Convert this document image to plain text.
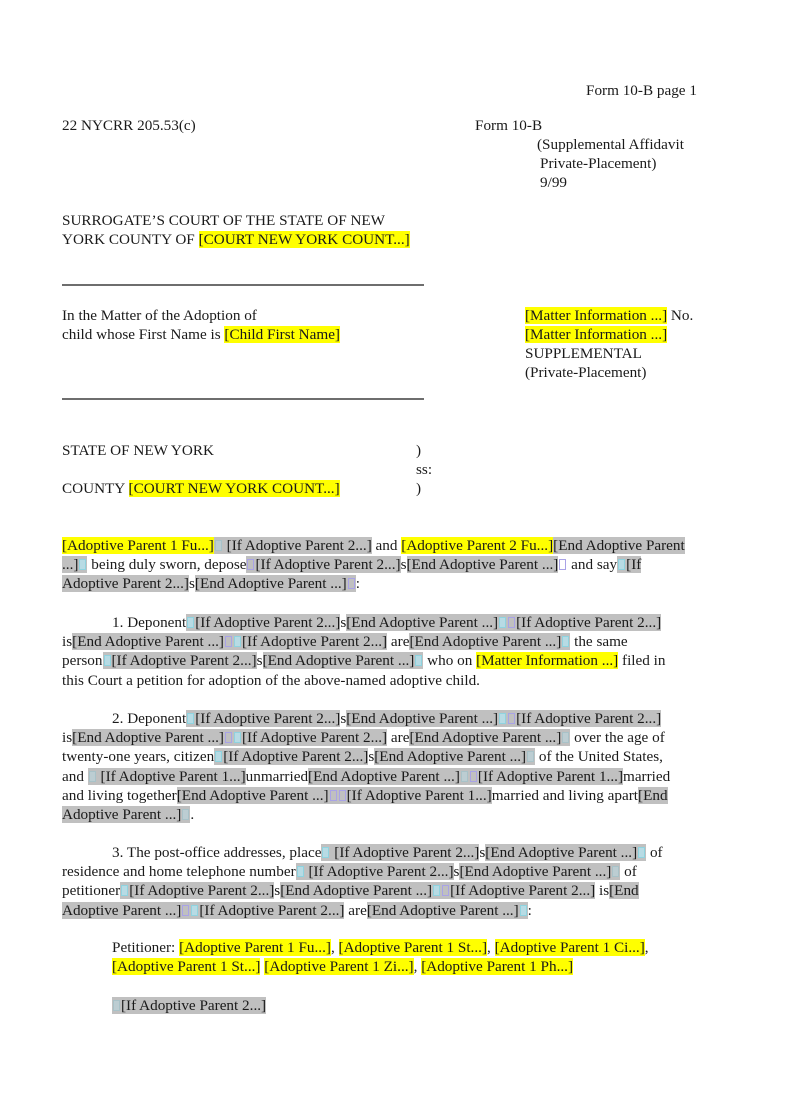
Form 10-B page 1
22 NYCRR 205.53(c)	Form 10-B
(Supplemental Affidavit
Private-Placement)
9/99
SURROGATE’S COURT OF THE STATE OF NEW
YORK COUNTY OF [COURT NEW YORK COUNT...]
In the Matter of the Adoption of
child whose First Name is [Child First Name]
[Matter Information ...] No.
[Matter Information ...]
SUPPLEMENTAL
(Private-Placement)
STATE OF NEW YORK	)
ss:
COUNTY [COURT NEW YORK COUNT...]	)
[Adoptive Parent 1 Fu...] [If Adoptive Parent 2...] and [Adoptive Parent 2 Fu...][End Adoptive Parent
...] being duly sworn, depose [If Adoptive Parent 2...]s[End Adoptive Parent ...] and say [If
Adoptive Parent 2...]s[End Adoptive Parent ...] :
1. Deponent [If Adoptive Parent 2...]s[End Adoptive Parent ...] [If Adoptive Parent 2...]
is[End Adoptive Parent ...] [If Adoptive Parent 2...] are[End Adoptive Parent ...] the same
person [If Adoptive Parent 2...]s[End Adoptive Parent ...] who on [Matter Information ...] filed in
this Court a petition for adoption of the above-named adoptive child.
2. Deponent [If Adoptive Parent 2...]s[End Adoptive Parent ...] [If Adoptive Parent 2...]
is[End Adoptive Parent ...] [If Adoptive Parent 2...] are[End Adoptive Parent ...] over the age of
twenty-one years, citizen [If Adoptive Parent 2...]s[End Adoptive Parent ...] of the United States,
and  [If Adoptive Parent 1...]unmarried[End Adoptive Parent ...] [If Adoptive Parent 1...]married
and living together[End Adoptive Parent ...] [If Adoptive Parent 1...]married and living apart[End
Adoptive Parent ...] .
3. The post-office addresses, place [If Adoptive Parent 2...]s[End Adoptive Parent ...] of
residence and home telephone number [If Adoptive Parent 2...]s[End Adoptive Parent ...] of
petitioner [If Adoptive Parent 2...]s[End Adoptive Parent ...] [If Adoptive Parent 2...] is[End
Adoptive Parent ...] [If Adoptive Parent 2...] are[End Adoptive Parent ...] :
Petitioner: [Adoptive Parent 1 Fu...], [Adoptive Parent 1 St...], [Adoptive Parent 1 Ci...],
[Adoptive Parent 1 St...] [Adoptive Parent 1 Zi...], [Adoptive Parent 1 Ph...]
[If Adoptive Parent 2...]
